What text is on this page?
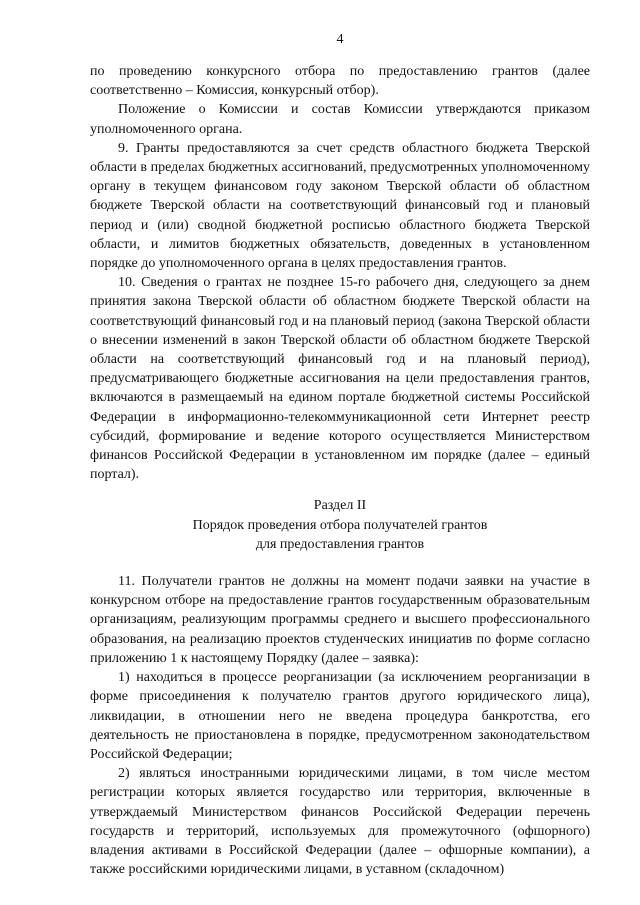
4

по проведению конкурсного отбора по предоставлению грантов (далее соответственно – Комиссия, конкурсный отбор).

Положение о Комиссии и состав Комиссии утверждаются приказом уполномоченного органа.

9. Гранты предоставляются за счет средств областного бюджета Тверской области в пределах бюджетных ассигнований, предусмотренных уполномоченному органу в текущем финансовом году законом Тверской области об областном бюджете Тверской области на соответствующий финансовый год и плановый период и (или) сводной бюджетной росписью областного бюджета Тверской области, и лимитов бюджетных обязательств, доведенных в установленном порядке до уполномоченного органа в целях предоставления грантов.

10. Сведения о грантах не позднее 15-го рабочего дня, следующего за днем принятия закона Тверской области об областном бюджете Тверской области на соответствующий финансовый год и на плановый период (закона Тверской области о внесении изменений в закон Тверской области об областном бюджете Тверской области на соответствующий финансовый год и на плановый период), предусматривающего бюджетные ассигнования на цели предоставления грантов, включаются в размещаемый на едином портале бюджетной системы Российской Федерации в информационно-телекоммуникационной сети Интернет реестр субсидий, формирование и ведение которого осуществляется Министерством финансов Российской Федерации в установленном им порядке (далее – единый портал).

Раздел II
Порядок проведения отбора получателей грантов
для предоставления грантов

11. Получатели грантов не должны на момент подачи заявки на участие в конкурсном отборе на предоставление грантов государственным образовательным организациям, реализующим программы среднего и высшего профессионального образования, на реализацию проектов студенческих инициатив по форме согласно приложению 1 к настоящему Порядку (далее – заявка):

1) находиться в процессе реорганизации (за исключением реорганизации в форме присоединения к получателю грантов другого юридического лица), ликвидации, в отношении него не введена процедура банкротства, его деятельность не приостановлена в порядке, предусмотренном законодательством Российской Федерации;

2) являться иностранными юридическими лицами, в том числе местом регистрации которых является государство или территория, включенные в утверждаемый Министерством финансов Российской Федерации перечень государств и территорий, используемых для промежуточного (офшорного) владения активами в Российской Федерации (далее – офшорные компании), а также российскими юридическими лицами, в уставном (складочном)
